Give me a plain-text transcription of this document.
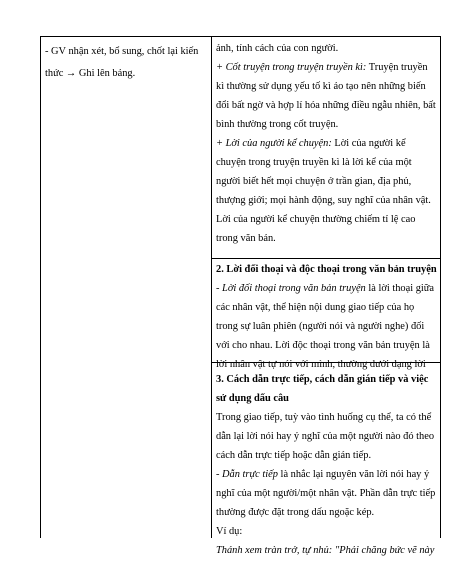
- GV nhận xét, bổ sung, chốt lại kiến
thức → Ghi lên bảng.
ảnh, tính cách của con người.
+ Cốt truyện trong truyện truyền kì: Truyện truyền
kì thường sử dụng yếu tố kì ảo tạo nên những biến
đổi bất ngờ và hợp lí hóa những điều ngẫu nhiên, bất
bình thường trong cốt truyện.
+ Lời của người kể chuyện: Lời của người kể
chuyện trong truyện truyền kì là lời kể của một
người biết hết mọi chuyện ở trần gian, địa phủ,
thượng giới; mọi hành động, suy nghĩ của nhân vật.
Lời của người kể chuyện thường chiếm tỉ lệ cao
trong văn bản.
2. Lời đối thoại và độc thoại trong văn bản truyện
- Lời đối thoại trong văn bản truyện là lời thoại giữa
các nhân vật, thể hiện nội dung giao tiếp của họ
trong sự luân phiên (người nói và người nghe) đối
với cho nhau. Lời độc thoại trong văn bản truyện là
lời nhân vật tự nói với mình, thường dưới dạng lời
3. Cách dẫn trực tiếp, cách dẫn gián tiếp và việc
sử dụng dấu câu
Trong giao tiếp, tuỳ vào tình huống cụ thể, ta có thể
dẫn lại lời nói hay ý nghĩ của một người nào đó theo
cách dẫn trực tiếp hoặc dẫn gián tiếp.
- Dẫn trực tiếp là nhắc lại nguyên văn lời nói hay ý
nghĩ của một người/một nhân vật. Phần dẫn trực tiếp
thường được đặt trong dấu ngoặc kép.
Ví dụ:
Thánh xem tràn trở, tự nhủ: "Phải chăng bức vẽ này
